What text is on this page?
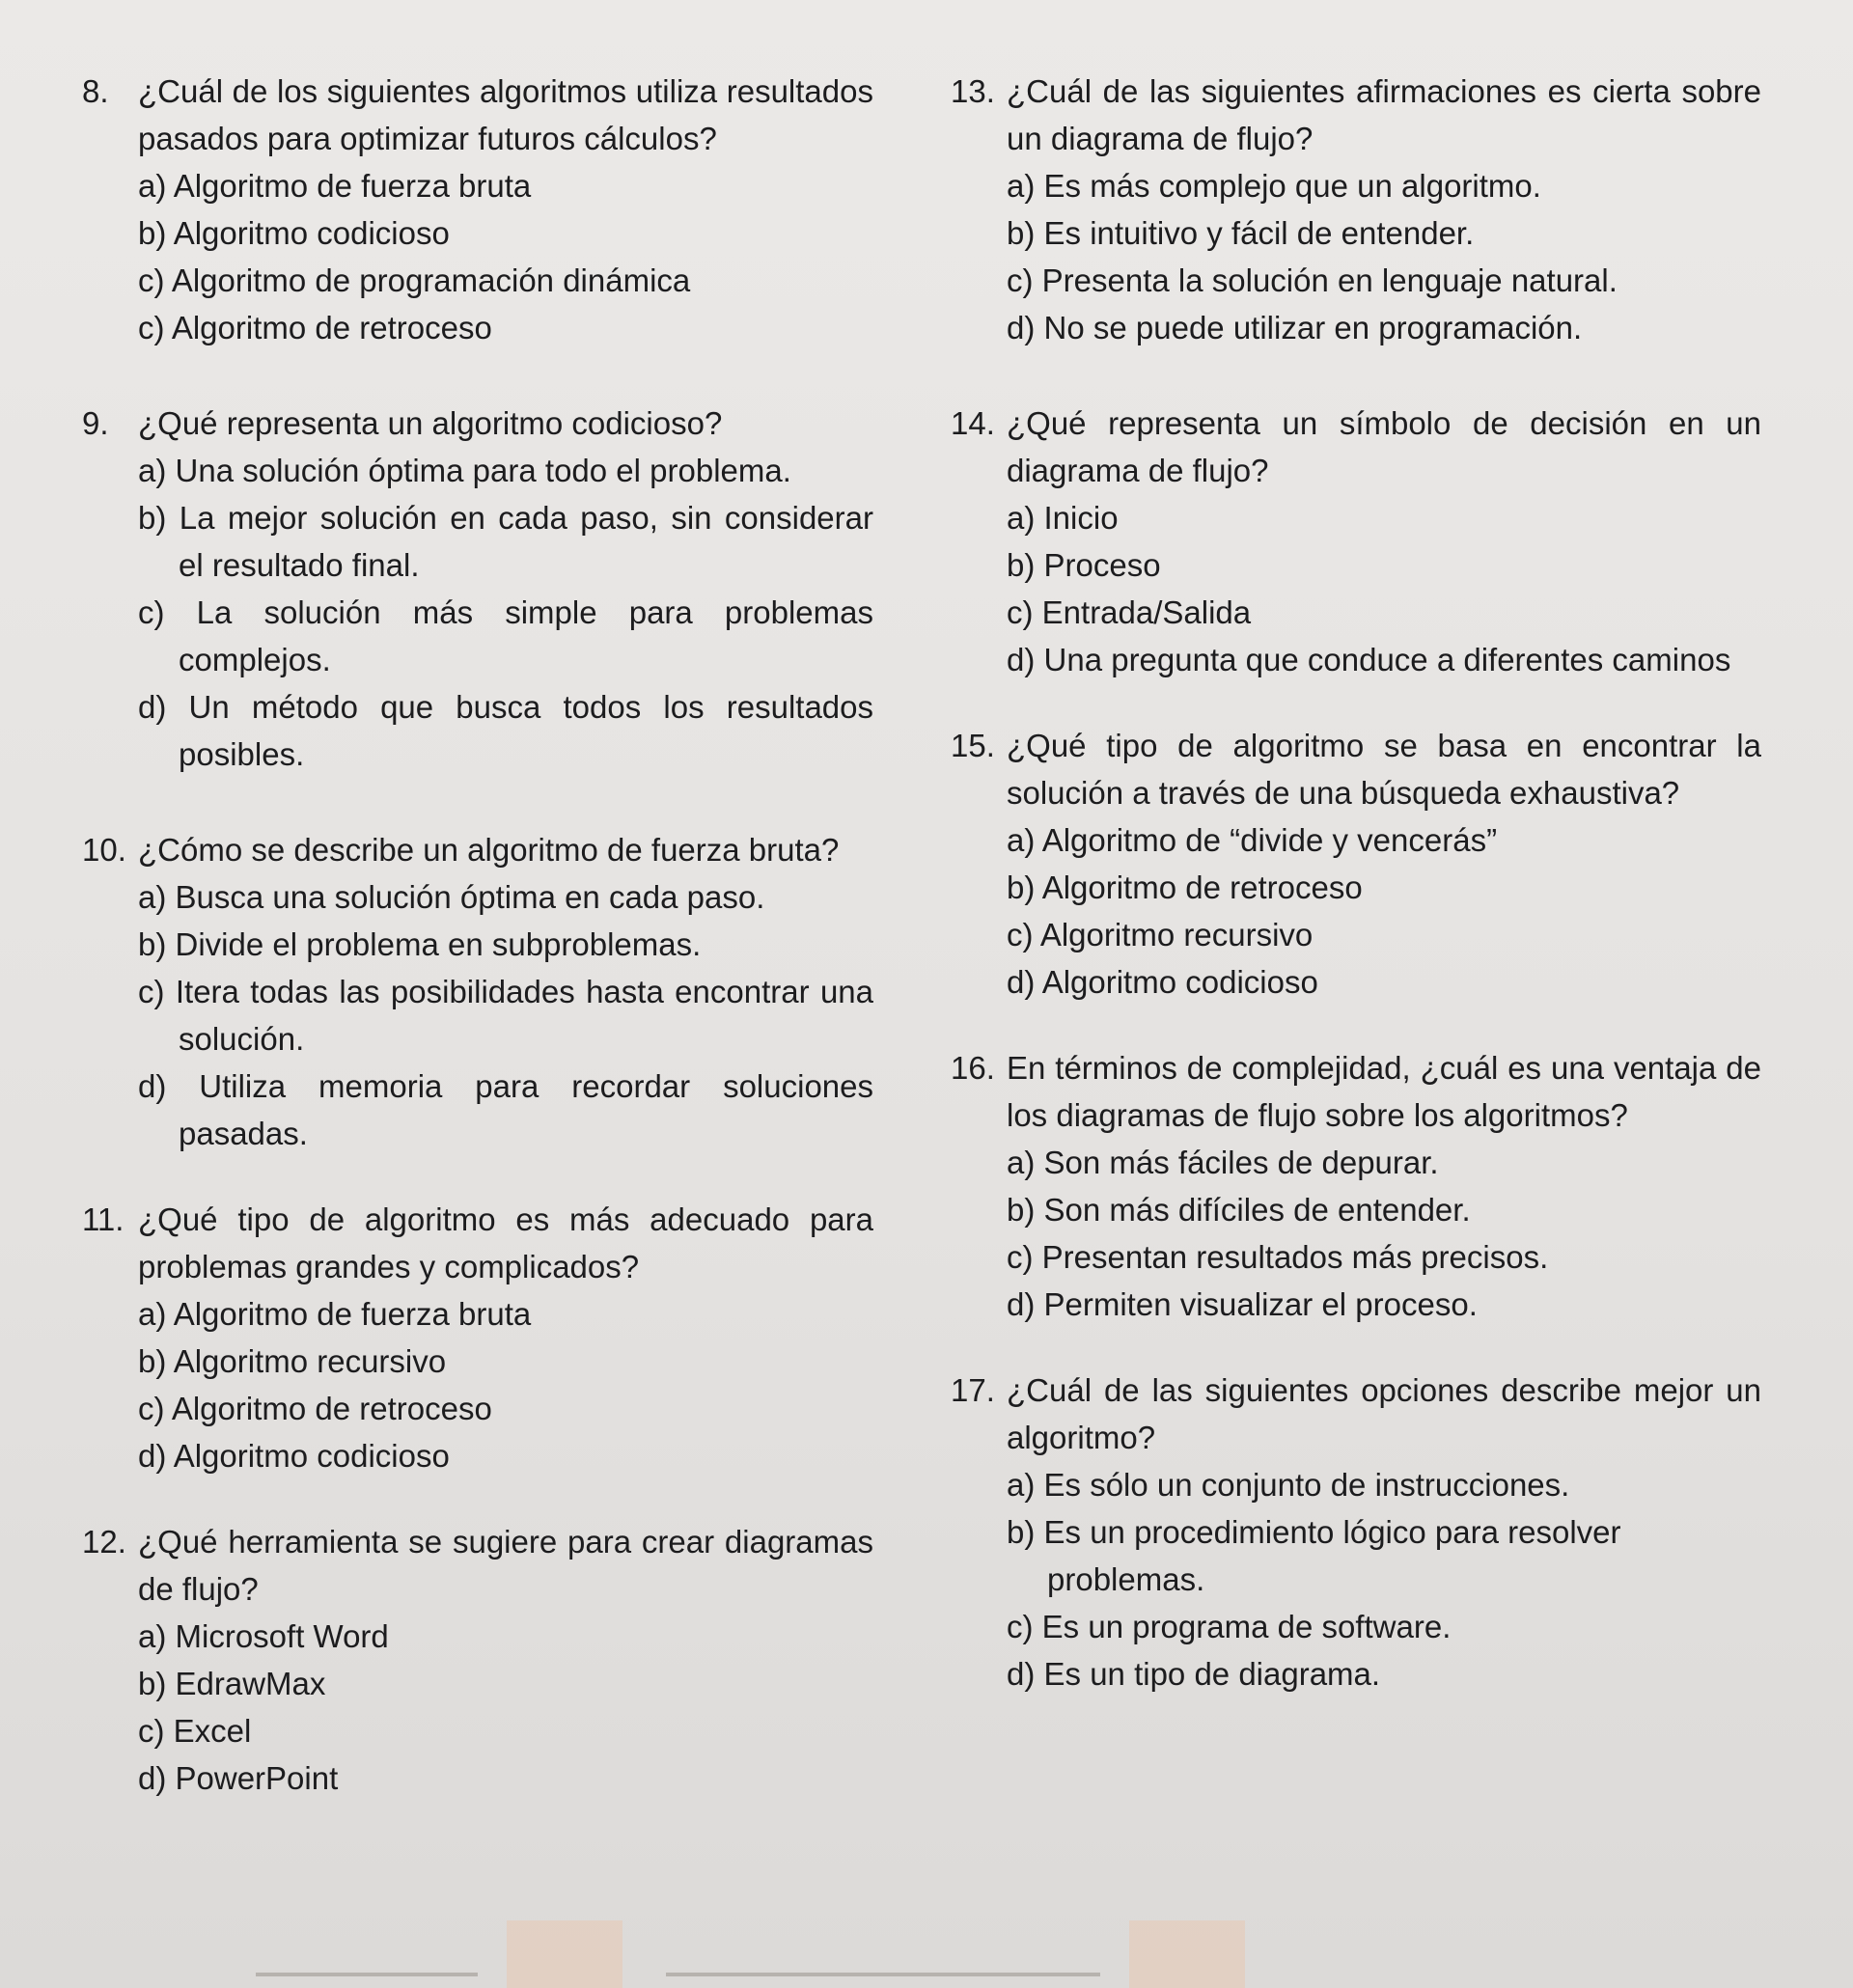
8. ¿Cuál de los siguientes algoritmos utiliza resultados pasados para optimizar futuros cálculos?
a) Algoritmo de fuerza bruta
b) Algoritmo codicioso
c) Algoritmo de programación dinámica
c) Algoritmo de retroceso
9. ¿Qué representa un algoritmo codicioso?
a) Una solución óptima para todo el problema.
b) La mejor solución en cada paso, sin considerar el resultado final.
c) La solución más simple para problemas complejos.
d) Un método que busca todos los resultados posibles.
10. ¿Cómo se describe un algoritmo de fuerza bruta?
a) Busca una solución óptima en cada paso.
b) Divide el problema en subproblemas.
c) Itera todas las posibilidades hasta encontrar una solución.
d) Utiliza memoria para recordar soluciones pasadas.
11. ¿Qué tipo de algoritmo es más adecuado para problemas grandes y complicados?
a) Algoritmo de fuerza bruta
b) Algoritmo recursivo
c) Algoritmo de retroceso
d) Algoritmo codicioso
12. ¿Qué herramienta se sugiere para crear diagramas de flujo?
a) Microsoft Word
b) EdrawMax
c) Excel
d) PowerPoint
13. ¿Cuál de las siguientes afirmaciones es cierta sobre un diagrama de flujo?
a) Es más complejo que un algoritmo.
b) Es intuitivo y fácil de entender.
c) Presenta la solución en lenguaje natural.
d) No se puede utilizar en programación.
14. ¿Qué representa un símbolo de decisión en un diagrama de flujo?
a) Inicio
b) Proceso
c) Entrada/Salida
d) Una pregunta que conduce a diferentes caminos
15. ¿Qué tipo de algoritmo se basa en encontrar la solución a través de una búsqueda exhaustiva?
a) Algoritmo de “divide y vencerás”
b) Algoritmo de retroceso
c) Algoritmo recursivo
d) Algoritmo codicioso
16. En términos de complejidad, ¿cuál es una ventaja de los diagramas de flujo sobre los algoritmos?
a) Son más fáciles de depurar.
b) Son más difíciles de entender.
c) Presentan resultados más precisos.
d) Permiten visualizar el proceso.
17. ¿Cuál de las siguientes opciones describe mejor un algoritmo?
a) Es sólo un conjunto de instrucciones.
b) Es un procedimiento lógico para resolver problemas.
c) Es un programa de software.
d) Es un tipo de diagrama.
